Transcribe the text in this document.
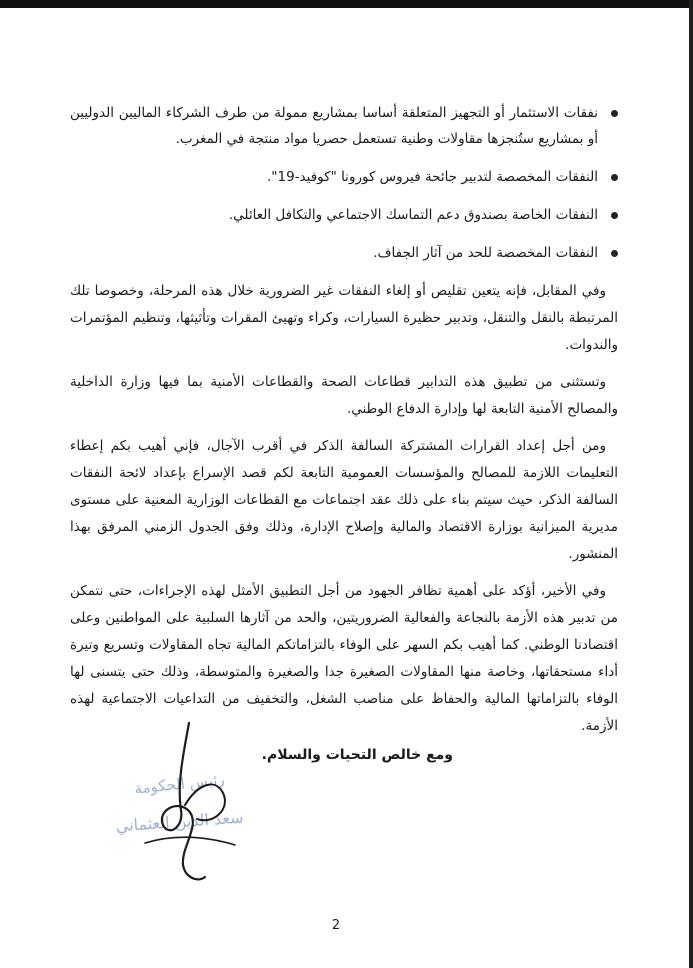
نفقات الاستثمار أو التجهيز المتعلقة أساسا بمشاريع ممولة من طرف الشركاء الماليين الدوليين أو بمشاريع ستُنجزها مقاولات وطنية تستعمل حصريا مواد منتجة في المغرب.
النفقات المخصصة لتدبير جائحة فيروس كورونا "كوفيد-19".
النفقات الخاصة بصندوق دعم التماسك الاجتماعي والتكافل العائلي.
النفقات المخصصة للحد من آثار الجفاف.

وفي المقابل، فإنه يتعين تقليص أو إلغاء النفقات غير الضرورية خلال هذه المرحلة، وخصوصا تلك المرتبطة بالنقل والتنقل، وتدبير حظيرة السيارات، وكراء وتهيئ المقرات وتأثيثها، وتنظيم المؤتمرات والندوات.

وتستثنى من تطبيق هذه التدابير قطاعات الصحة والقطاعات الأمنية بما فيها وزارة الداخلية والمصالح الأمنية التابعة لها وإدارة الدفاع الوطني.

ومن أجل إعداد القرارات المشتركة السالفة الذكر في أقرب الآجال، فإني أهيب بكم إعطاء التعليمات اللازمة للمصالح والمؤسسات العمومية التابعة لكم قصد الإسراع بإعداد لائحة النفقات السالفة الذكر، حيث سيتم بناء على ذلك عقد اجتماعات مع القطاعات الوزارية المعنية على مستوى مديرية الميزانية بوزارة الاقتصاد والمالية وإصلاح الإدارة، وذلك وفق الجدول الزمني المرفق بهذا المنشور.

وفي الأخير، أؤكد على أهمية تظافر الجهود من أجل التطبيق الأمثل لهذه الإجراءات، حتى نتمكن من تدبير هذه الأزمة بالنجاعة والفعالية الضروريتين، والحد من آثارها السلبية على المواطنين وعلى اقتصادنا الوطني. كما أهيب بكم السهر على الوفاء بالتزاماتكم المالية تجاه المقاولات وتسريع وتيرة أداء مستحقاتها، وخاصة منها المقاولات الصغيرة جدا والصغيرة والمتوسطة، وذلك حتى يتسنى لها الوفاء بالتزاماتها المالية والحفاظ على مناصب الشغل، والتخفيف من التداعيات الاجتماعية لهذه الأزمة.

ومع خالص التحيات والسلام.
رئيس الحكومة
سعد الدين العثماني
2
